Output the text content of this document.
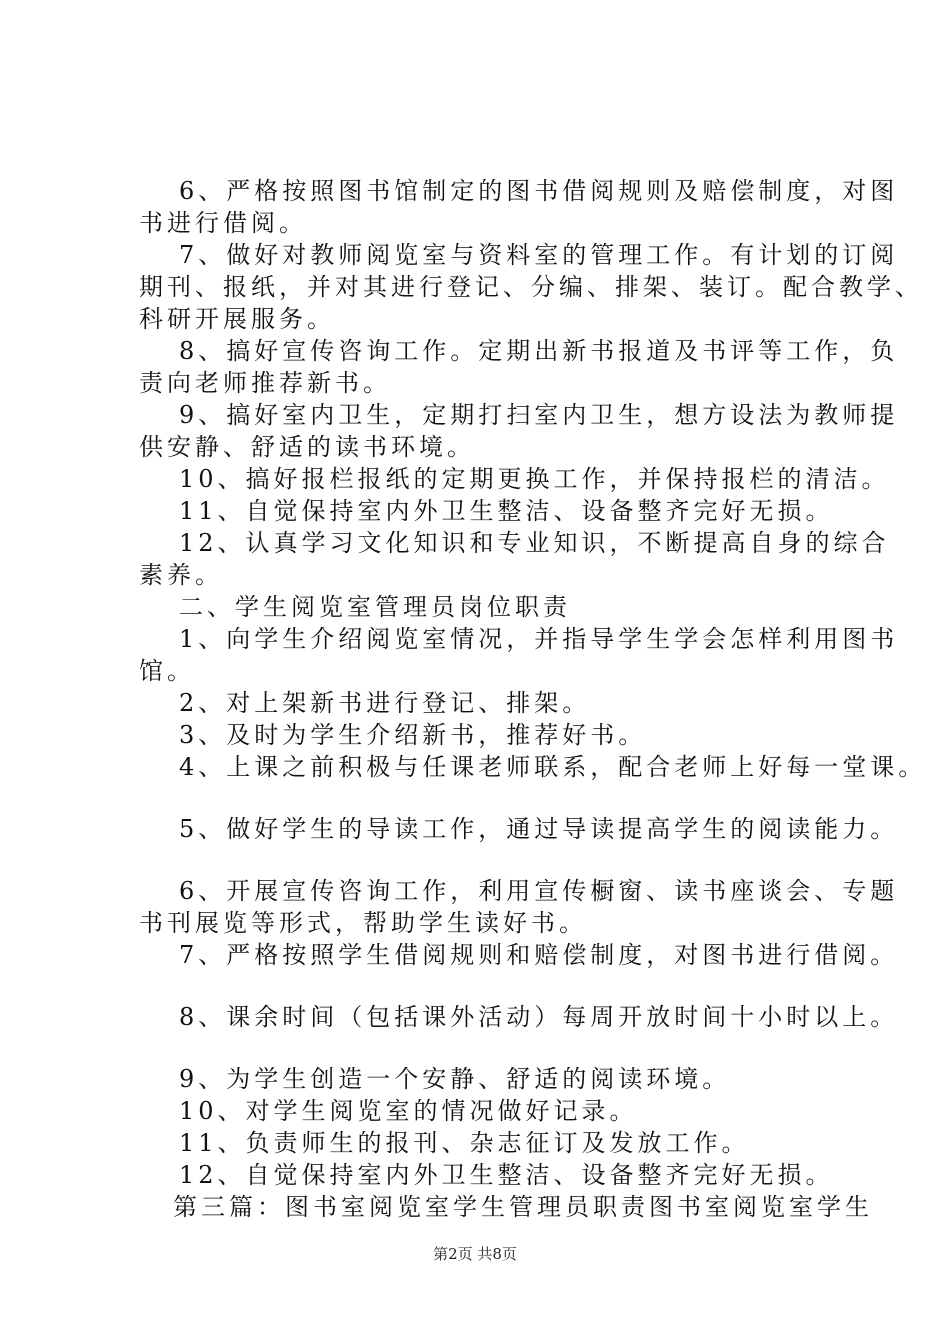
6、严格按照图书馆制定的图书借阅规则及赔偿制度，对图
书进行借阅。
7、做好对教师阅览室与资料室的管理工作。有计划的订阅
期刊、报纸，并对其进行登记、分编、排架、装订。配合教学、
科研开展服务。
8、搞好宣传咨询工作。定期出新书报道及书评等工作，负
责向老师推荐新书。
9、搞好室内卫生，定期打扫室内卫生，想方设法为教师提
供安静、舒适的读书环境。
10、搞好报栏报纸的定期更换工作，并保持报栏的清洁。
11、自觉保持室内外卫生整洁、设备整齐完好无损。
12、认真学习文化知识和专业知识，不断提高自身的综合
素养。
二、学生阅览室管理员岗位职责
1、向学生介绍阅览室情况，并指导学生学会怎样利用图书
馆。
2、对上架新书进行登记、排架。
3、及时为学生介绍新书，推荐好书。
4、上课之前积极与任课老师联系，配合老师上好每一堂课。
5、做好学生的导读工作，通过导读提高学生的阅读能力。
6、开展宣传咨询工作，利用宣传橱窗、读书座谈会、专题
书刊展览等形式，帮助学生读好书。
7、严格按照学生借阅规则和赔偿制度，对图书进行借阅。
8、课余时间（包括课外活动）每周开放时间十小时以上。
9、为学生创造一个安静、舒适的阅读环境。
10、对学生阅览室的情况做好记录。
11、负责师生的报刊、杂志征订及发放工作。
12、自觉保持室内外卫生整洁、设备整齐完好无损。
第三篇：图书室阅览室学生管理员职责图书室阅览室学生
第2页 共8页
